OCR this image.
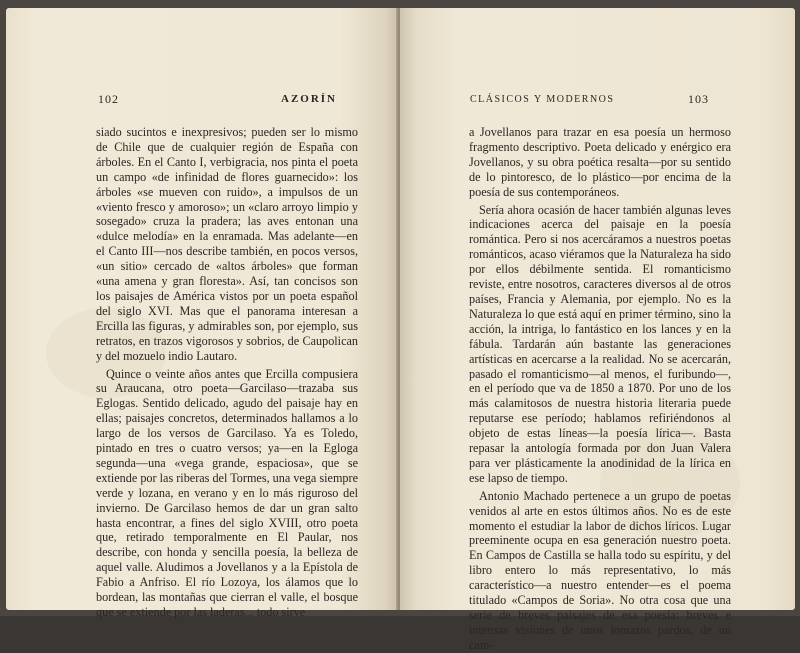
102	AZORÍN

siado sucintos e inexpresivos; pueden ser lo mismo de Chile que de cualquier región de España con árboles. En el Canto I, verbigracia, nos pinta el poeta un campo «de infinidad de flores guarnecido»: los árboles «se mueven con ruido», a impulsos de un «viento fresco y amoroso»; un «claro arroyo limpio y sosegado» cruza la pradera; las aves entonan una «dulce melodía» en la enramada. Mas adelante—en el Canto III—nos describe también, en pocos versos, «un sitio» cercado de «altos árboles» que forman «una amena y gran floresta». Así, tan concisos son los paisajes de América vistos por un poeta español del siglo XVI. Mas que el panorama interesan a Ercilla las figuras, y admirables son, por ejemplo, sus retratos, en trazos vigorosos y sobrios, de Caupolican y del mozuelo indio Lautaro.

Quince o veinte años antes que Ercilla compusiera su Araucana, otro poeta—Garcilaso—trazaba sus Eglogas. Sentido delicado, agudo del paisaje hay en ellas; paisajes concretos, determinados hallamos a lo largo de los versos de Garcilaso. Ya es Toledo, pintado en tres o cuatro versos; ya—en la Egloga segunda—una «vega grande, espaciosa», que se extiende por las riberas del Tormes, una vega siempre verde y lozana, en verano y en lo más riguroso del invierno. De Garcilaso hemos de dar un gran salto hasta encontrar, a fines del siglo XVIII, otro poeta que, retirado temporalmente en El Paular, nos describe, con honda y sencilla poesía, la belleza de aquel valle. Aludimos a Jovellanos y a la Epístola de Fabio a Anfriso. El río Lozoya, los álamos que lo bordean, las montañas que cierran el valle, el bosque que se extiende por las laderas... todo sirve

CLÁSICOS Y MODERNOS	103

a Jovellanos para trazar en esa poesía un hermoso fragmento descriptivo. Poeta delicado y enérgico era Jovellanos, y su obra poética resalta—por su sentido de lo pintoresco, de lo plástico—por encima de la poesía de sus contemporáneos.

Sería ahora ocasión de hacer también algunas leves indicaciones acerca del paisaje en la poesía romántica. Pero si nos acercáramos a nuestros poetas románticos, acaso viéramos que la Naturaleza ha sido por ellos débilmente sentida. El romanticismo reviste, entre nosotros, caracteres diversos al de otros países, Francia y Alemania, por ejemplo. No es la Naturaleza lo que está aquí en primer término, sino la acción, la intriga, lo fantástico en los lances y en la fábula. Tardarán aún bastante las generaciones artísticas en acercarse a la realidad. No se acercarán, pasado el romanticismo—al menos, el furibundo—, en el período que va de 1850 a 1870. Por uno de los más calamitosos de nuestra historia literaria puede reputarse ese período; hablamos refiriéndonos al objeto de estas líneas—la poesía lírica—. Basta repasar la antología formada por don Juan Valera para ver plásticamente la anodinidad de la lírica en ese lapso de tiempo.

Antonio Machado pertenece a un grupo de poetas venidos al arte en estos últimos años. No es de este momento el estudiar la labor de dichos líricos. Lugar preeminente ocupa en esa generación nuestro poeta. En Campos de Castilla se halla todo su espíritu, y del libro entero lo más representativo, lo más característico—a nuestro entender—es el poema titulado «Campos de Soria». No otra cosa que una serie de breves paisajes de esa poesía: breves e intensas visiones de unos lomazos pardos, de un cam-
